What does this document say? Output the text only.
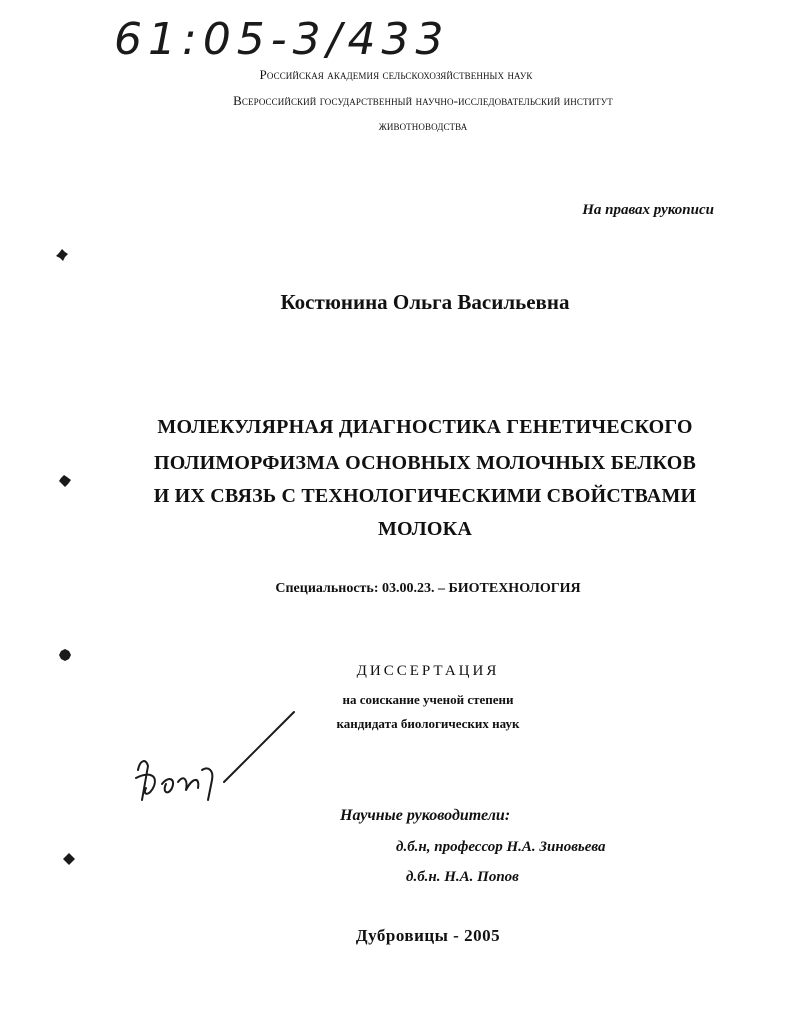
61:05-3/433
Российская академия сельскохозяйственных наук
Всероссийский государственный научно-исследовательский институт
животноводства
На правах рукописи
Костюнина Ольга Васильевна
МОЛЕКУЛЯРНАЯ ДИАГНОСТИКА ГЕНЕТИЧЕСКОГО
ПОЛИМОРФИЗМА ОСНОВНЫХ МОЛОЧНЫХ БЕЛКОВ
И ИХ СВЯЗЬ С ТЕХНОЛОГИЧЕСКИМИ СВОЙСТВАМИ
МОЛОКА
Специальность: 03.00.23. – БИОТЕХНОЛОГИЯ
ДИССЕРТАЦИЯ
на соискание ученой степени
кандидата биологических наук
Научные руководители:
д.б.н, профессор Н.А. Зиновьева
д.б.н. Н.А. Попов
Дубровицы - 2005
